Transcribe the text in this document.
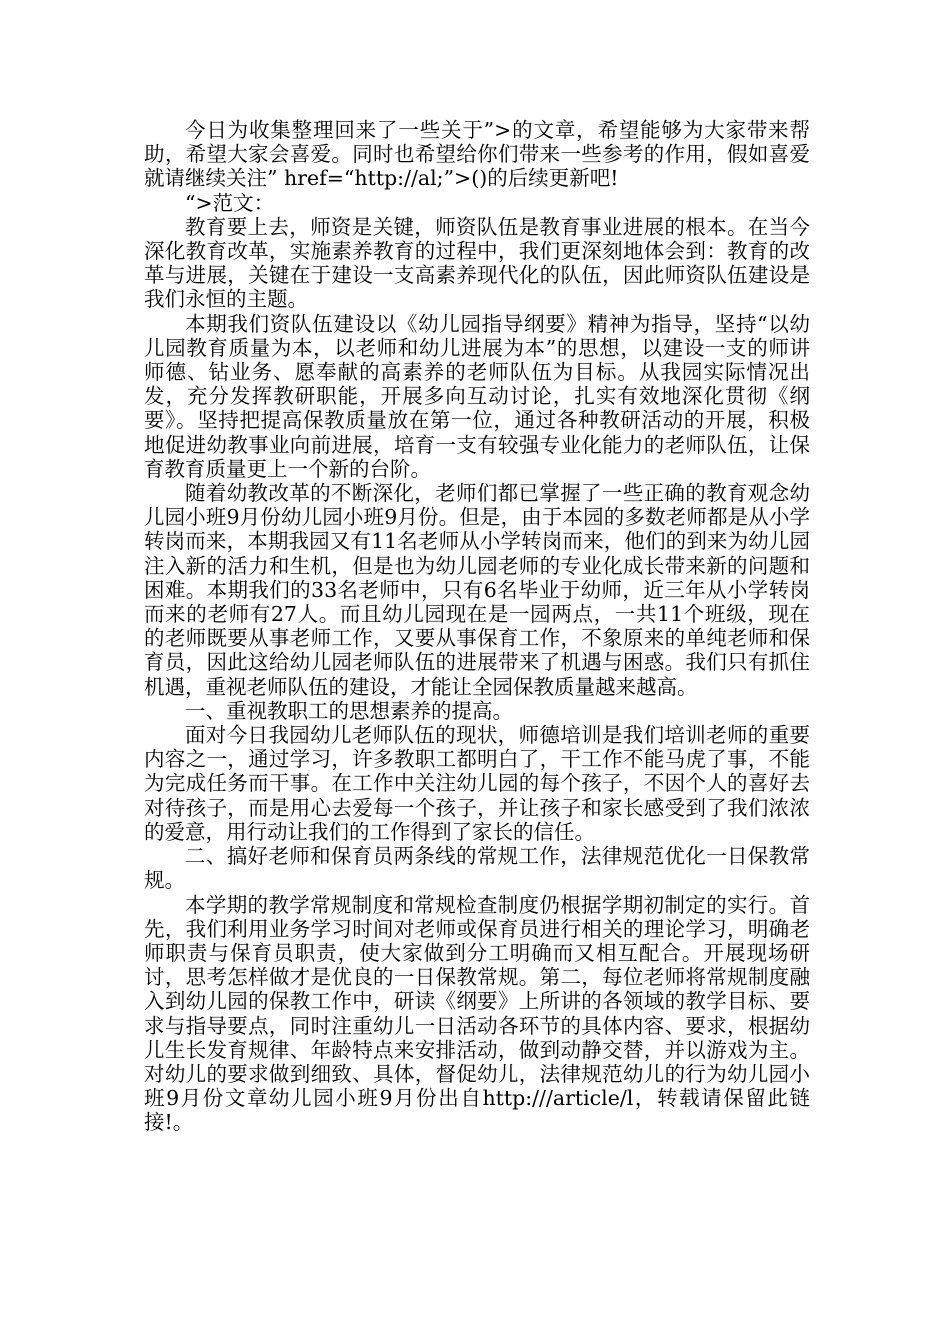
今日为收集整理回来了一些关于”>的文章，希望能够为大家带来帮助，希望大家会喜爱。同时也希望给你们带来一些参考的作用，假如喜爱就请继续关注” href=“http://al;”>()的后续更新吧!

“>范文：

教育要上去，师资是关键，师资队伍是教育事业进展的根本。在当今深化教育改革，实施素养教育的过程中，我们更深刻地体会到：教育的改革与进展，关键在于建设一支高素养现代化的队伍，因此师资队伍建设是我们永恒的主题。

本期我们资队伍建设以《幼儿园指导纲要》精神为指导，坚持“以幼儿园教育质量为本，以老师和幼儿进展为本”的思想，以建设一支的师讲师德、钻业务、愿奉献的高素养的老师队伍为目标。从我园实际情况出发，充分发挥教研职能，开展多向互动讨论，扎实有效地深化贯彻《纲要》。坚持把提高保教质量放在第一位，通过各种教研活动的开展，积极地促进幼教事业向前进展，培育一支有较强专业化能力的老师队伍，让保育教育质量更上一个新的台阶。

随着幼教改革的不断深化，老师们都已掌握了一些正确的教育观念幼儿园小班9月份幼儿园小班9月份。但是，由于本园的多数老师都是从小学转岗而来，本期我园又有11名老师从小学转岗而来，他们的到来为幼儿园注入新的活力和生机，但是也为幼儿园老师的专业化成长带来新的问题和困难。本期我们的33名老师中，只有6名毕业于幼师，近三年从小学转岗而来的老师有27人。而且幼儿园现在是一园两点，一共11个班级，现在的老师既要从事老师工作，又要从事保育工作，不象原来的单纯老师和保育员，因此这给幼儿园老师队伍的进展带来了机遇与困惑。我们只有抓住机遇，重视老师队伍的建设，才能让全园保教质量越来越高。

一、重视教职工的思想素养的提高。

面对今日我园幼儿老师队伍的现状，师德培训是我们培训老师的重要内容之一，通过学习，许多教职工都明白了，干工作不能马虎了事，不能为完成任务而干事。在工作中关注幼儿园的每个孩子，不因个人的喜好去对待孩子，而是用心去爱每一个孩子，并让孩子和家长感受到了我们浓浓的爱意，用行动让我们的工作得到了家长的信任。

二、搞好老师和保育员两条线的常规工作，法律规范优化一日保教常规。

本学期的教学常规制度和常规检查制度仍根据学期初制定的实行。首先，我们利用业务学习时间对老师或保育员进行相关的理论学习，明确老师职责与保育员职责，使大家做到分工明确而又相互配合。开展现场研讨，思考怎样做才是优良的一日保教常规。第二，每位老师将常规制度融入到幼儿园的保教工作中，研读《纲要》上所讲的各领域的教学目标、要求与指导要点，同时注重幼儿一日活动各环节的具体内容、要求，根据幼儿生长发育规律、年龄特点来安排活动，做到动静交替，并以游戏为主。对幼儿的要求做到细致、具体，督促幼儿，法律规范幼儿的行为幼儿园小班9月份文章幼儿园小班9月份出自http:///article/l，转载请保留此链接!。
